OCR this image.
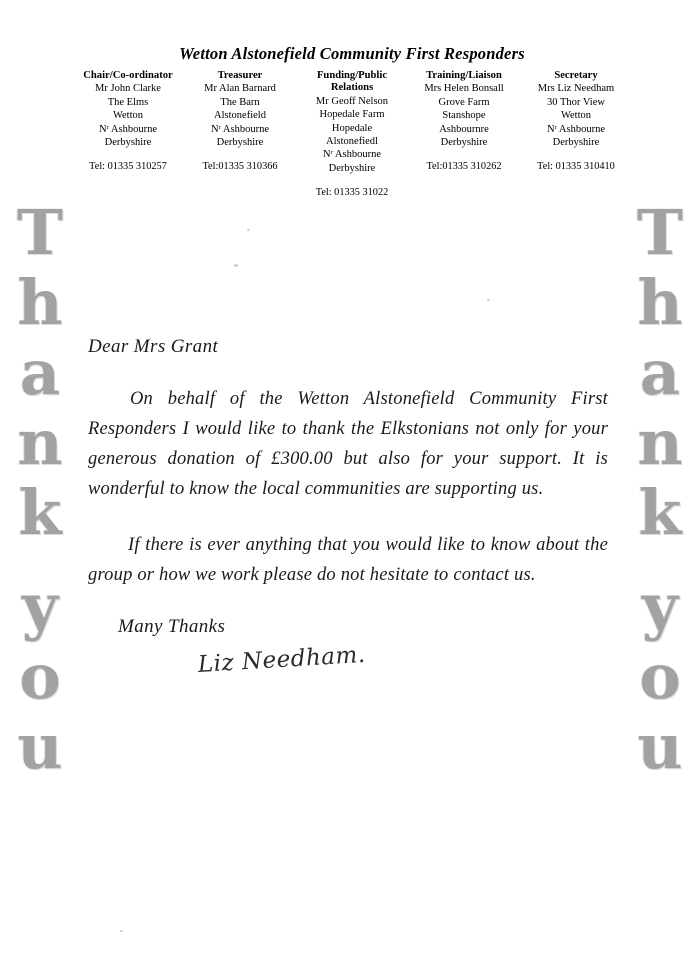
Wetton Alstonefield Community First Responders
Chair/Co-ordinator
Mr John Clarke
The Elms
Wetton
Nʳ Ashbourne
Derbyshire
Tel: 01335 310257
Treasurer
Mr Alan Barnard
The Barn
Alstonefield
Nʳ Ashbourne
Derbyshire
Tel:01335 310366
Funding/Public Relations
Mr Geoff Nelson
Hopedale Farm
Hopedale
Alstonefiedl
Nʳ Ashbourne
Derbyshire
Tel: 01335 31022
Training/Liaison
Mrs Helen Bonsall
Grove Farm
Stanshope
Ashbournre
Derbyshire
Tel:01335 310262
Secretary
Mrs Liz Needham
30 Thor View
Wetton
Nʳ Ashbourne
Derbyshire
Tel: 01335 310410
T
h
a
n
k
y
o
u
T
h
a
n
k
y
o
u
Dear Mrs Grant

On behalf of the Wetton Alstonefield Community First Responders I would like to thank the Elkstonians not only for your generous donation of £300.00 but also for your support. It is wonderful to know the local communities are supporting us.

If there is ever anything that you would like to know about the group or how we work please do not hesitate to contact us.

Many Thanks
Liz Needham.
